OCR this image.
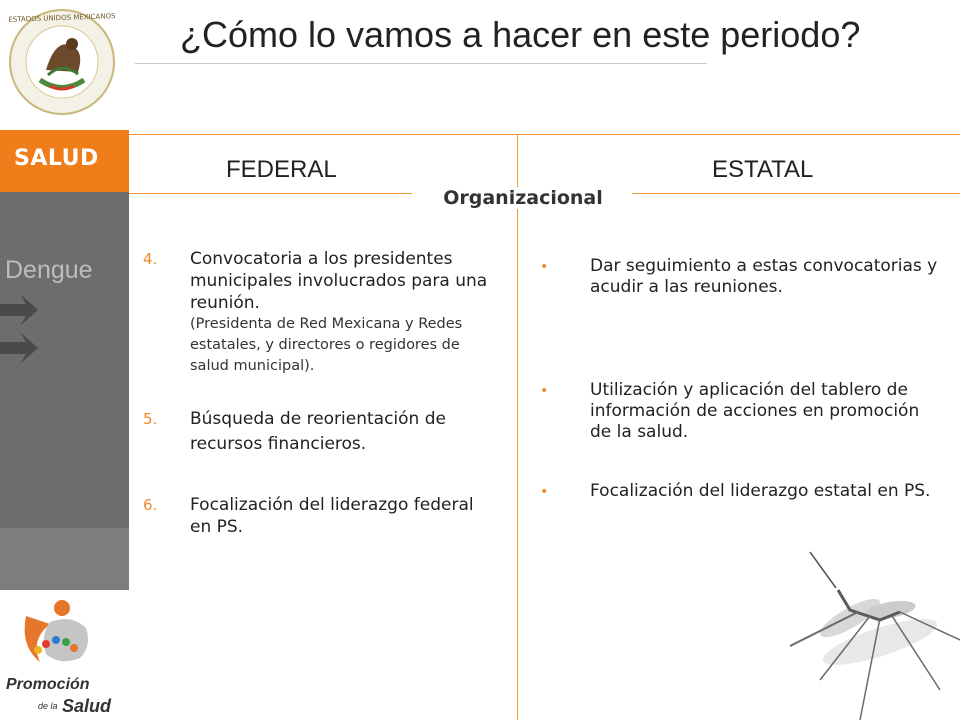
ESTADOS UNIDOS MEXICANOS
SALUD
Dengue
Promoción
de la Salud
¿Cómo lo vamos a hacer en este periodo?
FEDERAL	ESTATAL
Organizacional
4. Convocatoria a los presidentes municipales involucrados para una reunión.
(Presidenta de Red Mexicana y Redes estatales, y directores o regidores de salud municipal).
5. Búsqueda de reorientación de recursos financieros.
6. Focalización del liderazgo federal en PS.
• Dar seguimiento a estas convocatorias y acudir a las reuniones.
• Utilización y aplicación del tablero de información de acciones en promoción de la salud.
• Focalización del liderazgo estatal en PS.
